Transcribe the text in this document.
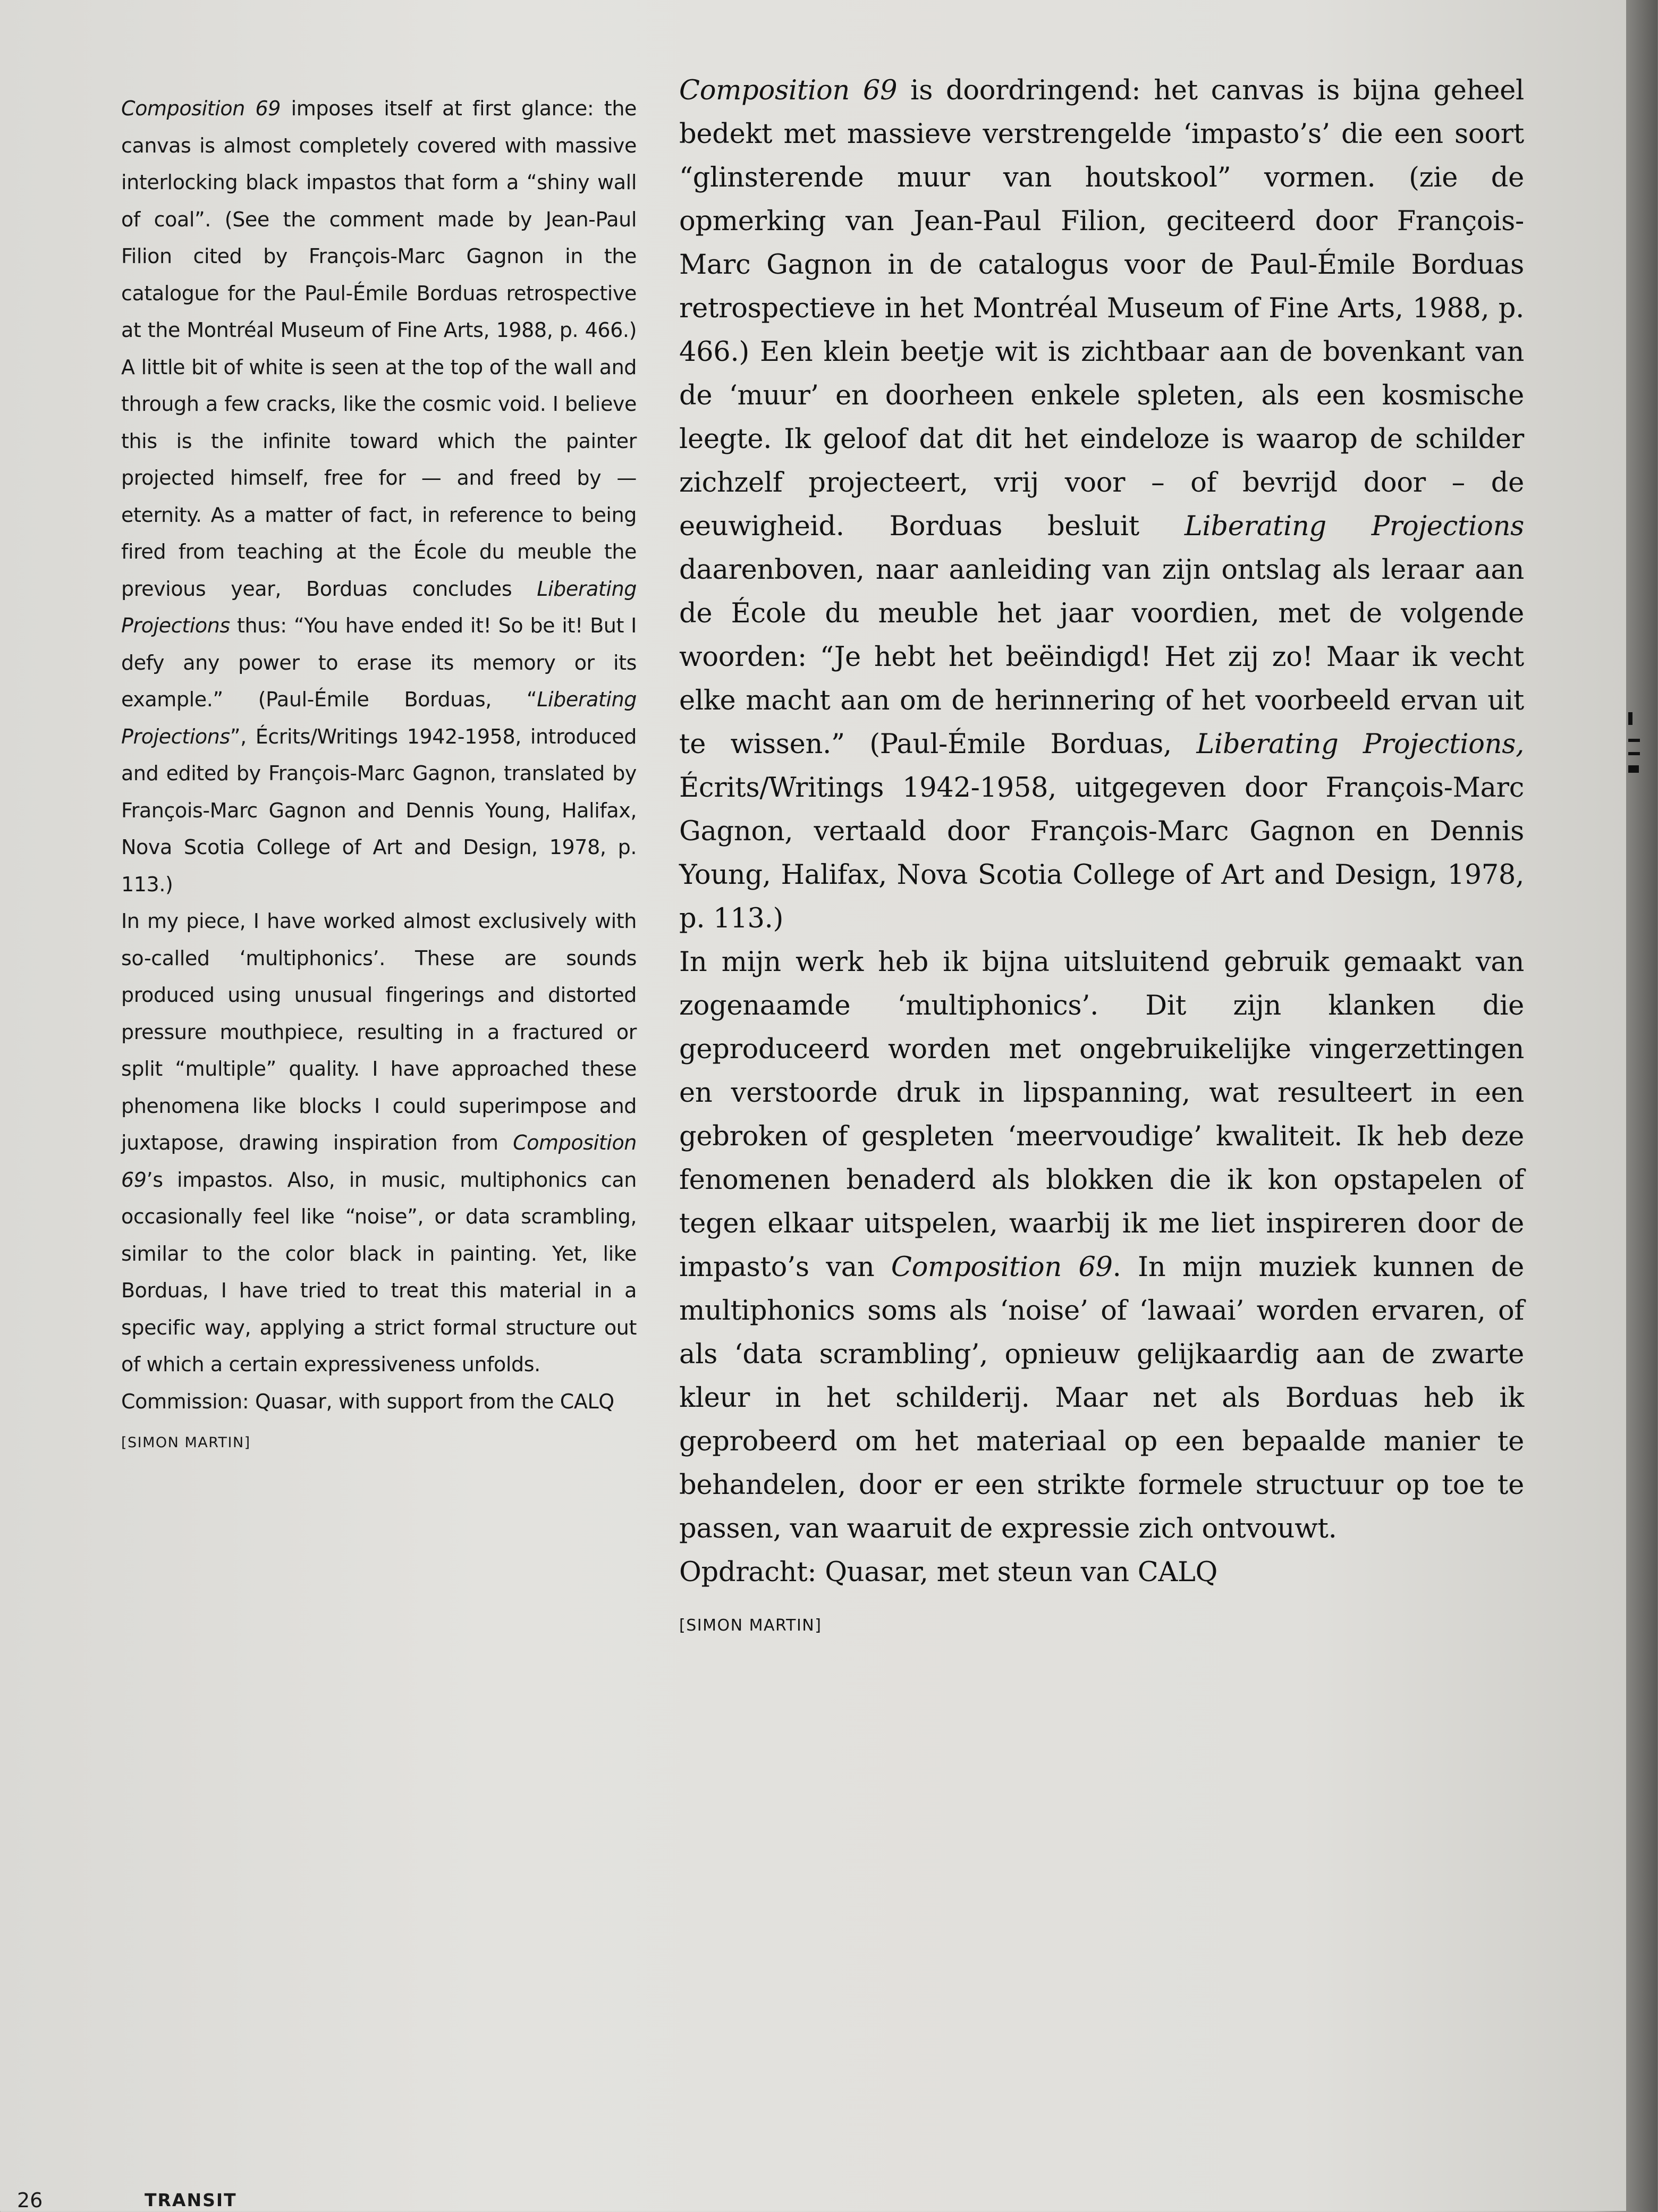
Composition 69 imposes itself at first glance: the canvas is almost completely covered with massive interlocking black impastos that form a “shiny wall of coal”. (See the comment made by Jean-Paul Filion cited by François-Marc Gagnon in the catalogue for the Paul-Émile Borduas retrospective at the Montréal Museum of Fine Arts, 1988, p. 466.) A little bit of white is seen at the top of the wall and through a few cracks, like the cosmic void. I believe this is the infinite toward which the painter projected himself, free for — and freed by — eternity. As a matter of fact, in reference to being fired from teaching at the École du meuble the previous year, Borduas concludes Liberating Projections thus: “You have ended it! So be it! But I defy any power to erase its memory or its example.” (Paul-Émile Borduas, “Liberating Projections”, Écrits/Writings 1942-1958, introduced and edited by François-Marc Gagnon, translated by François-Marc Gagnon and Dennis Young, Halifax, Nova Scotia College of Art and Design, 1978, p. 113.)

In my piece, I have worked almost exclusively with so-called ‘multiphonics’. These are sounds produced using unusual fingerings and distorted pressure mouthpiece, resulting in a fractured or split “multiple” quality. I have approached these phenomena like blocks I could superimpose and juxtapose, drawing inspiration from Composition 69’s impastos. Also, in music, multiphonics can occasionally feel like “noise”, or data scrambling, similar to the color black in painting. Yet, like Borduas, I have tried to treat this material in a specific way, applying a strict formal structure out of which a certain expressiveness unfolds.

Commission: Quasar, with support from the CALQ

[SIMON MARTIN]

Composition 69 is doordringend: het canvas is bijna geheel bedekt met massieve verstrengelde ‘impasto’s’ die een soort “glinsterende muur van houtskool” vormen. (zie de opmerking van Jean-Paul Filion, geciteerd door François-Marc Gagnon in de catalogus voor de Paul-Émile Borduas retrospectieve in het Montréal Museum of Fine Arts, 1988, p. 466.) Een klein beetje wit is zichtbaar aan de bovenkant van de ‘muur’ en doorheen enkele spleten, als een kosmische leegte. Ik geloof dat dit het eindeloze is waarop de schilder zichzelf projecteert, vrij voor – of bevrijd door – de eeuwigheid. Borduas besluit Liberating Projections daarenboven, naar aanleiding van zijn ontslag als leraar aan de École du meuble het jaar voordien, met de volgende woorden: “Je hebt het beëindigd! Het zij zo! Maar ik vecht elke macht aan om de herinnering of het voorbeeld ervan uit te wissen.” (Paul-Émile Borduas, Liberating Projections, Écrits/Writings 1942-1958, uitgegeven door François-Marc Gagnon, vertaald door François-Marc Gagnon en Dennis Young, Halifax, Nova Scotia College of Art and Design, 1978, p. 113.)

In mijn werk heb ik bijna uitsluitend gebruik gemaakt van zogenaamde ‘multiphonics’. Dit zijn klanken die geproduceerd worden met ongebruikelijke vingerzettingen en verstoorde druk in lipspanning, wat resulteert in een gebroken of gespleten ‘meervoudige’ kwaliteit. Ik heb deze fenomenen benaderd als blokken die ik kon opstapelen of tegen elkaar uitspelen, waarbij ik me liet inspireren door de impasto’s van Composition 69. In mijn muziek kunnen de multiphonics soms als ‘noise’ of ‘lawaai’ worden ervaren, of als ‘data scrambling’, opnieuw gelijkaardig aan de zwarte kleur in het schilderij. Maar net als Borduas heb ik geprobeerd om het materiaal op een bepaalde manier te behandelen, door er een strikte formele structuur op toe te passen, van waaruit de expressie zich ontvouwt.

Opdracht: Quasar, met steun van CALQ

[SIMON MARTIN]

26	TRANSIT
